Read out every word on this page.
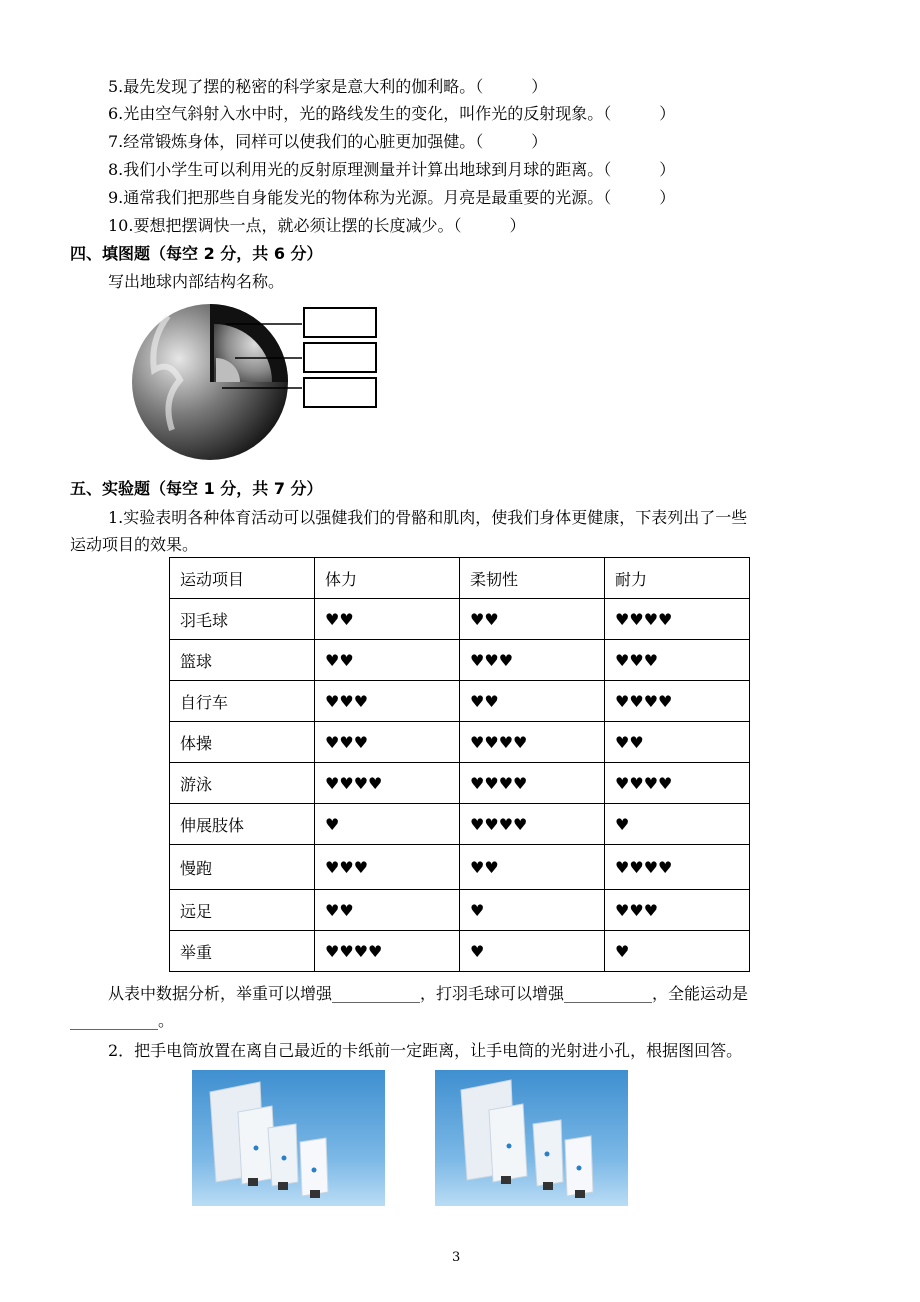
5.最先发现了摆的秘密的科学家是意大利的伽利略。（　　　）
6.光由空气斜射入水中时，光的路线发生的变化，叫作光的反射现象。（　　　）
7.经常锻炼身体，同样可以使我们的心脏更加强健。（　　　）
8.我们小学生可以利用光的反射原理测量并计算出地球到月球的距离。（　　　）
9.通常我们把那些自身能发光的物体称为光源。月亮是最重要的光源。（　　　）
10.要想把摆调快一点，就必须让摆的长度减少。（　　　）
四、填图题（每空 2 分，共 6 分）
写出地球内部结构名称。
五、实验题（每空 1 分，共 7 分）
1.实验表明各种体育活动可以强健我们的骨骼和肌肉，使我们身体更健康，下表列出了一些
运动项目的效果。
运动项目	体力	柔韧性	耐力
羽毛球	♥♥	♥♥	♥♥♥♥
篮球	♥♥	♥♥♥	♥♥♥
自行车	♥♥♥	♥♥	♥♥♥♥
体操	♥♥♥	♥♥♥♥	♥♥
游泳	♥♥♥♥	♥♥♥♥	♥♥♥♥
伸展肢体	♥	♥♥♥♥	♥
慢跑	♥♥♥	♥♥	♥♥♥♥
远足	♥♥	♥	♥♥♥
举重	♥♥♥♥	♥	♥
从表中数据分析，举重可以增强___________，打羽毛球可以增强___________，全能运动是
___________。
2．把手电筒放置在离自己最近的卡纸前一定距离，让手电筒的光射进小孔，根据图回答。
3
